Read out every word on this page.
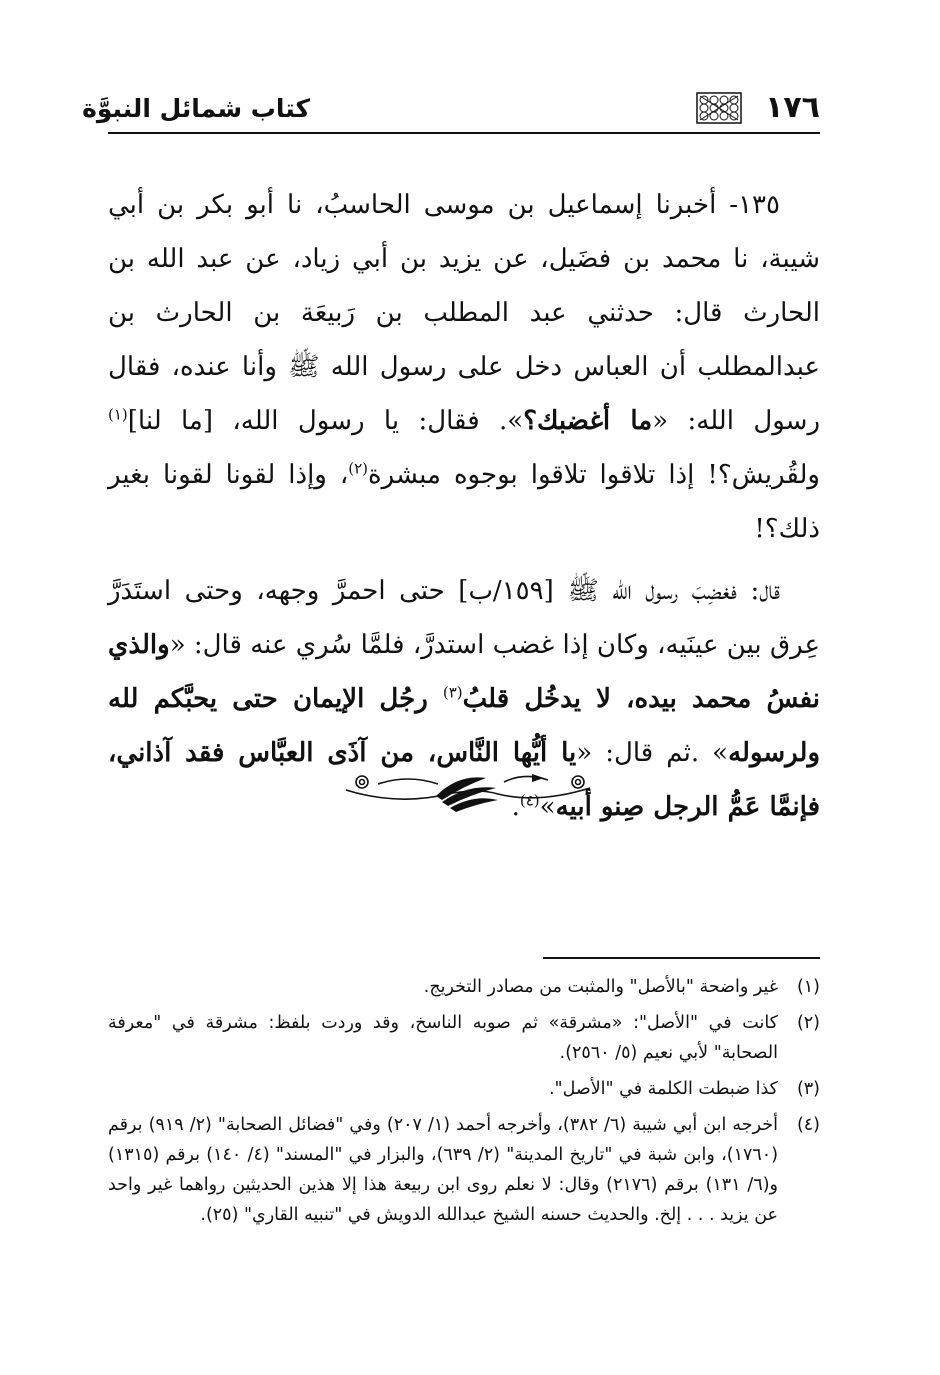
١٧٦
كتاب شمائل النبوَّة

١٣٥- أخبرنا إسماعيل بن موسى الحاسبُ، نا أبو بكر بن أبي شيبة، نا محمد بن فضَيل، عن يزيد بن أبي زياد، عن عبد الله بن الحارث قال: حدثني عبد المطلب بن رَبيعَة بن الحارث بن عبدالمطلب أن العباس دخل على رسول الله ﷺ وأنا عنده، فقال رسول الله: «ما أغضبك؟». فقال: يا رسول الله، [ما لنا]$^{(١)}$ ولقُريش؟! إذا تلاقوا تلاقوا بوجوه مبشرة$^{(٢)}$، وإذا لقونا لقونا بغير ذلك؟!

قال: فغضِبَ رسول الله ﷺ [١٥٩/ب] حتى احمرَّ وجهه، وحتى استَدَرَّ عِرق بين عينَيه، وكان إذا غضب استدرَّ، فلمَّا سُري عنه قال: «والذي نفسُ محمد بيده، لا يدخُل قلبُ$^{(٣)}$ رجُل الإيمان حتى يحبَّكم لله ولرسوله» .ثم قال: «يا أيُّها النَّاس، من آذَى العبَّاس فقد آذاني، فإنمَّا عَمُّ الرجل صِنو أبيه»$^{(٤)}$.

(١)
غير واضحة "بالأصل" والمثبت من مصادر التخريج.
(٢)
كانت في "الأصل": «مشرقة» ثم صوبه الناسخ، وقد وردت بلفظ: مشرقة في "معرفة الصحابة" لأبي نعيم (٥/ ٢٥٦٠).
(٣)
كذا ضبطت الكلمة في "الأصل".
(٤)
أخرجه ابن أبي شيبة (٦/ ٣٨٢)، وأخرجه أحمد (١/ ٢٠٧) وفي "فضائل الصحابة" (٢/ ٩١٩) برقم (١٧٦٠)، وابن شبة في "تاريخ المدينة" (٢/ ٦٣٩)، والبزار في "المسند" (٤/ ١٤٠) برقم (١٣١٥) و(٦/ ١٣١) برقم (٢١٧٦) وقال: لا نعلم روى ابن ربيعة هذا إلا هذين الحديثين رواهما غير واحد عن يزيد . . . إلخ. والحديث حسنه الشيخ عبدالله الدويش في "تنبيه القاري" (٢٥).
